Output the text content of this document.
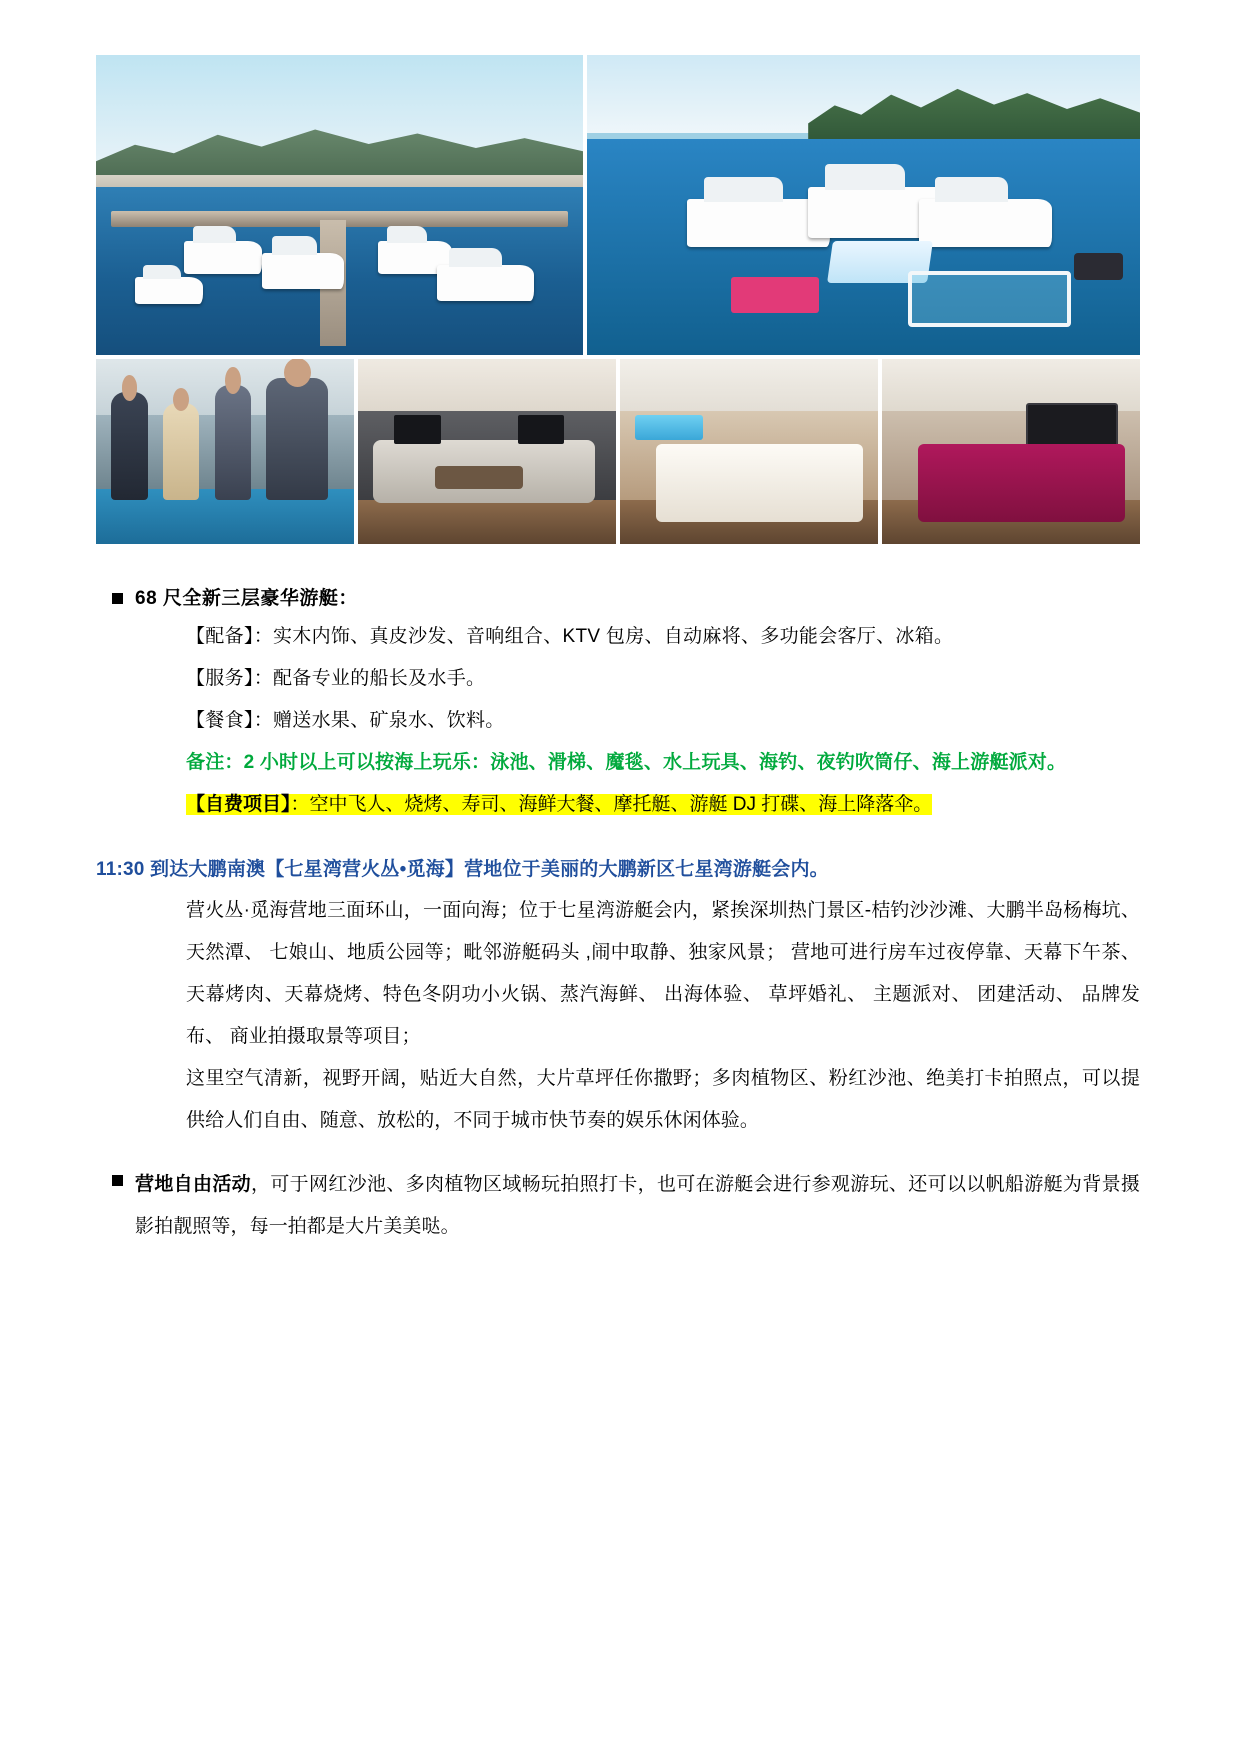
68 尺全新三层豪华游艇：
【配备】：实木内饰、真皮沙发、音响组合、KTV 包房、自动麻将、多功能会客厅、冰箱。
【服务】：配备专业的船长及水手。
【餐食】：赠送水果、矿泉水、饮料。
备注：2 小时以上可以按海上玩乐：泳池、滑梯、魔毯、水上玩具、海钓、夜钓吹筒仔、海上游艇派对。
【自费项目】：空中飞人、烧烤、寿司、海鲜大餐、摩托艇、游艇 DJ 打碟、海上降落伞。
11:30 到达大鹏南澳【七星湾营火丛•觅海】营地位于美丽的大鹏新区七星湾游艇会内。
营火丛·觅海营地三面环山，一面向海；位于七星湾游艇会内，紧挨深圳热门景区-桔钓沙沙滩、大鹏半岛杨梅坑、天然潭、 七娘山、地质公园等；毗邻游艇码头 ,闹中取静、独家风景； 营地可进行房车过夜停靠、天幕下午茶、天幕烤肉、天幕烧烤、特色冬阴功小火锅、蒸汽海鲜、 出海体验、 草坪婚礼、 主题派对、 团建活动、 品牌发布、 商业拍摄取景等项目；
这里空气清新，视野开阔，贴近大自然，大片草坪任你撒野；多肉植物区、粉红沙池、绝美打卡拍照点，可以提供给人们自由、随意、放松的，不同于城市快节奏的娱乐休闲体验。
营地自由活动，可于网红沙池、多肉植物区域畅玩拍照打卡，也可在游艇会进行参观游玩、还可以以帆船游艇为背景摄影拍靓照等，每一拍都是大片美美哒。
